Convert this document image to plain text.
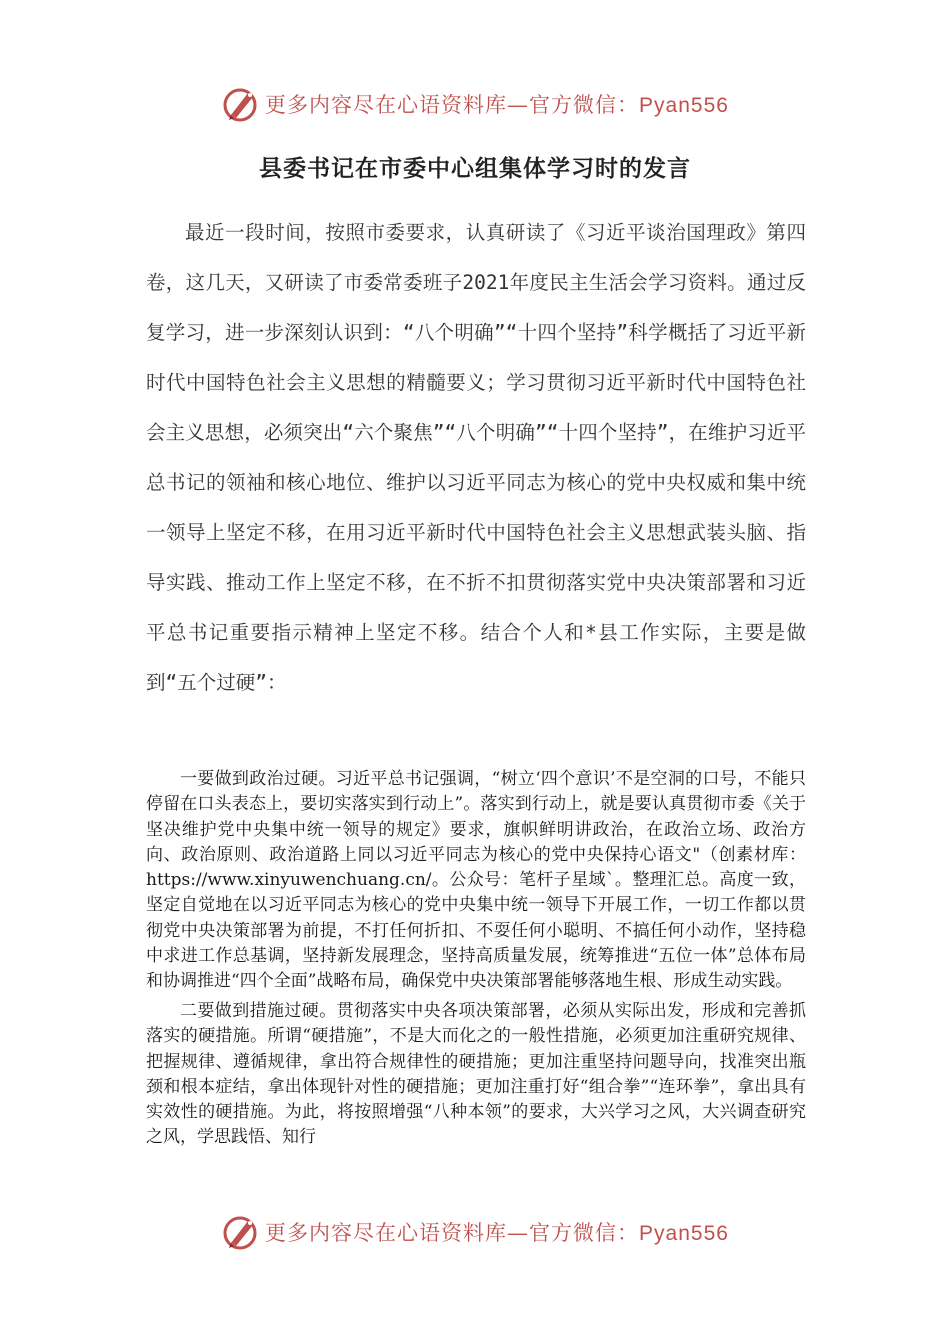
更多内容尽在心语资料库—官方微信：Pyan556
县委书记在市委中心组集体学习时的发言

最近一段时间，按照市委要求，认真研读了《习近平谈治国理政》第四卷，这几天，又研读了市委常委班子2021年度民主生活会学习资料。通过反复学习，进一步深刻认识到：“八个明确”“十四个坚持”科学概括了习近平新时代中国特色社会主义思想的精髓要义；学习贯彻习近平新时代中国特色社会主义思想，必须突出“六个聚焦”“八个明确”“十四个坚持”，在维护习近平总书记的领袖和核心地位、维护以习近平同志为核心的党中央权威和集中统一领导上坚定不移，在用习近平新时代中国特色社会主义思想武装头脑、指导实践、推动工作上坚定不移，在不折不扣贯彻落实党中央决策部署和习近平总书记重要指示精神上坚定不移。结合个人和*县工作实际，主要是做到“五个过硬”：

一要做到政治过硬。习近平总书记强调，“树立‘四个意识’不是空洞的口号，不能只停留在口头表态上，要切实落实到行动上”。落实到行动上，就是要认真贯彻市委《关于坚决维护党中央集中统一领导的规定》要求，旗帜鲜明讲政治，在政治立场、政治方向、政治原则、政治道路上同以习近平同志为核心的党中央保持心语文"（创素材库：https://www.xinyuwenchuang.cn/。公众号：笔杆子星域`。整理汇总。高度一致，坚定自觉地在以习近平同志为核心的党中央集中统一领导下开展工作，一切工作都以贯彻党中央决策部署为前提，不打任何折扣、不耍任何小聪明、不搞任何小动作，坚持稳中求进工作总基调，坚持新发展理念，坚持高质量发展，统筹推进“五位一体”总体布局和协调推进“四个全面”战略布局，确保党中央决策部署能够落地生根、形成生动实践。

二要做到措施过硬。贯彻落实中央各项决策部署，必须从实际出发，形成和完善抓落实的硬措施。所谓“硬措施”，不是大而化之的一般性措施，必须更加注重研究规律、把握规律、遵循规律，拿出符合规律性的硬措施；更加注重坚持问题导向，找准突出瓶颈和根本症结，拿出体现针对性的硬措施；更加注重打好“组合拳”“连环拳”，拿出具有实效性的硬措施。为此，将按照增强“八种本领”的要求，大兴学习之风，大兴调查研究之风，学思践悟、知行

更多内容尽在心语资料库—官方微信：Pyan556
